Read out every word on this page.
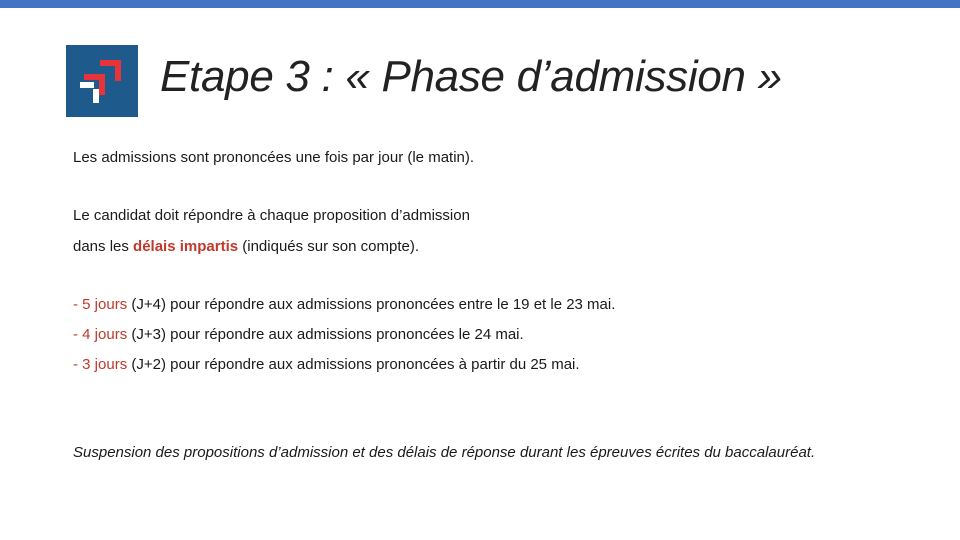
Etape 3 : « Phase d’admission »
Les admissions sont prononcées une fois par jour (le matin).
Le candidat doit répondre à chaque proposition d’admission
dans les délais impartis (indiqués sur son compte).
- 5 jours (J+4) pour répondre aux admissions prononcées entre le 19 et le 23 mai.
- 4 jours (J+3) pour répondre aux admissions prononcées le 24 mai.
- 3 jours (J+2) pour répondre aux admissions prononcées à partir du 25 mai.
Suspension des propositions d’admission et des délais de réponse durant les épreuves écrites du baccalauréat.
